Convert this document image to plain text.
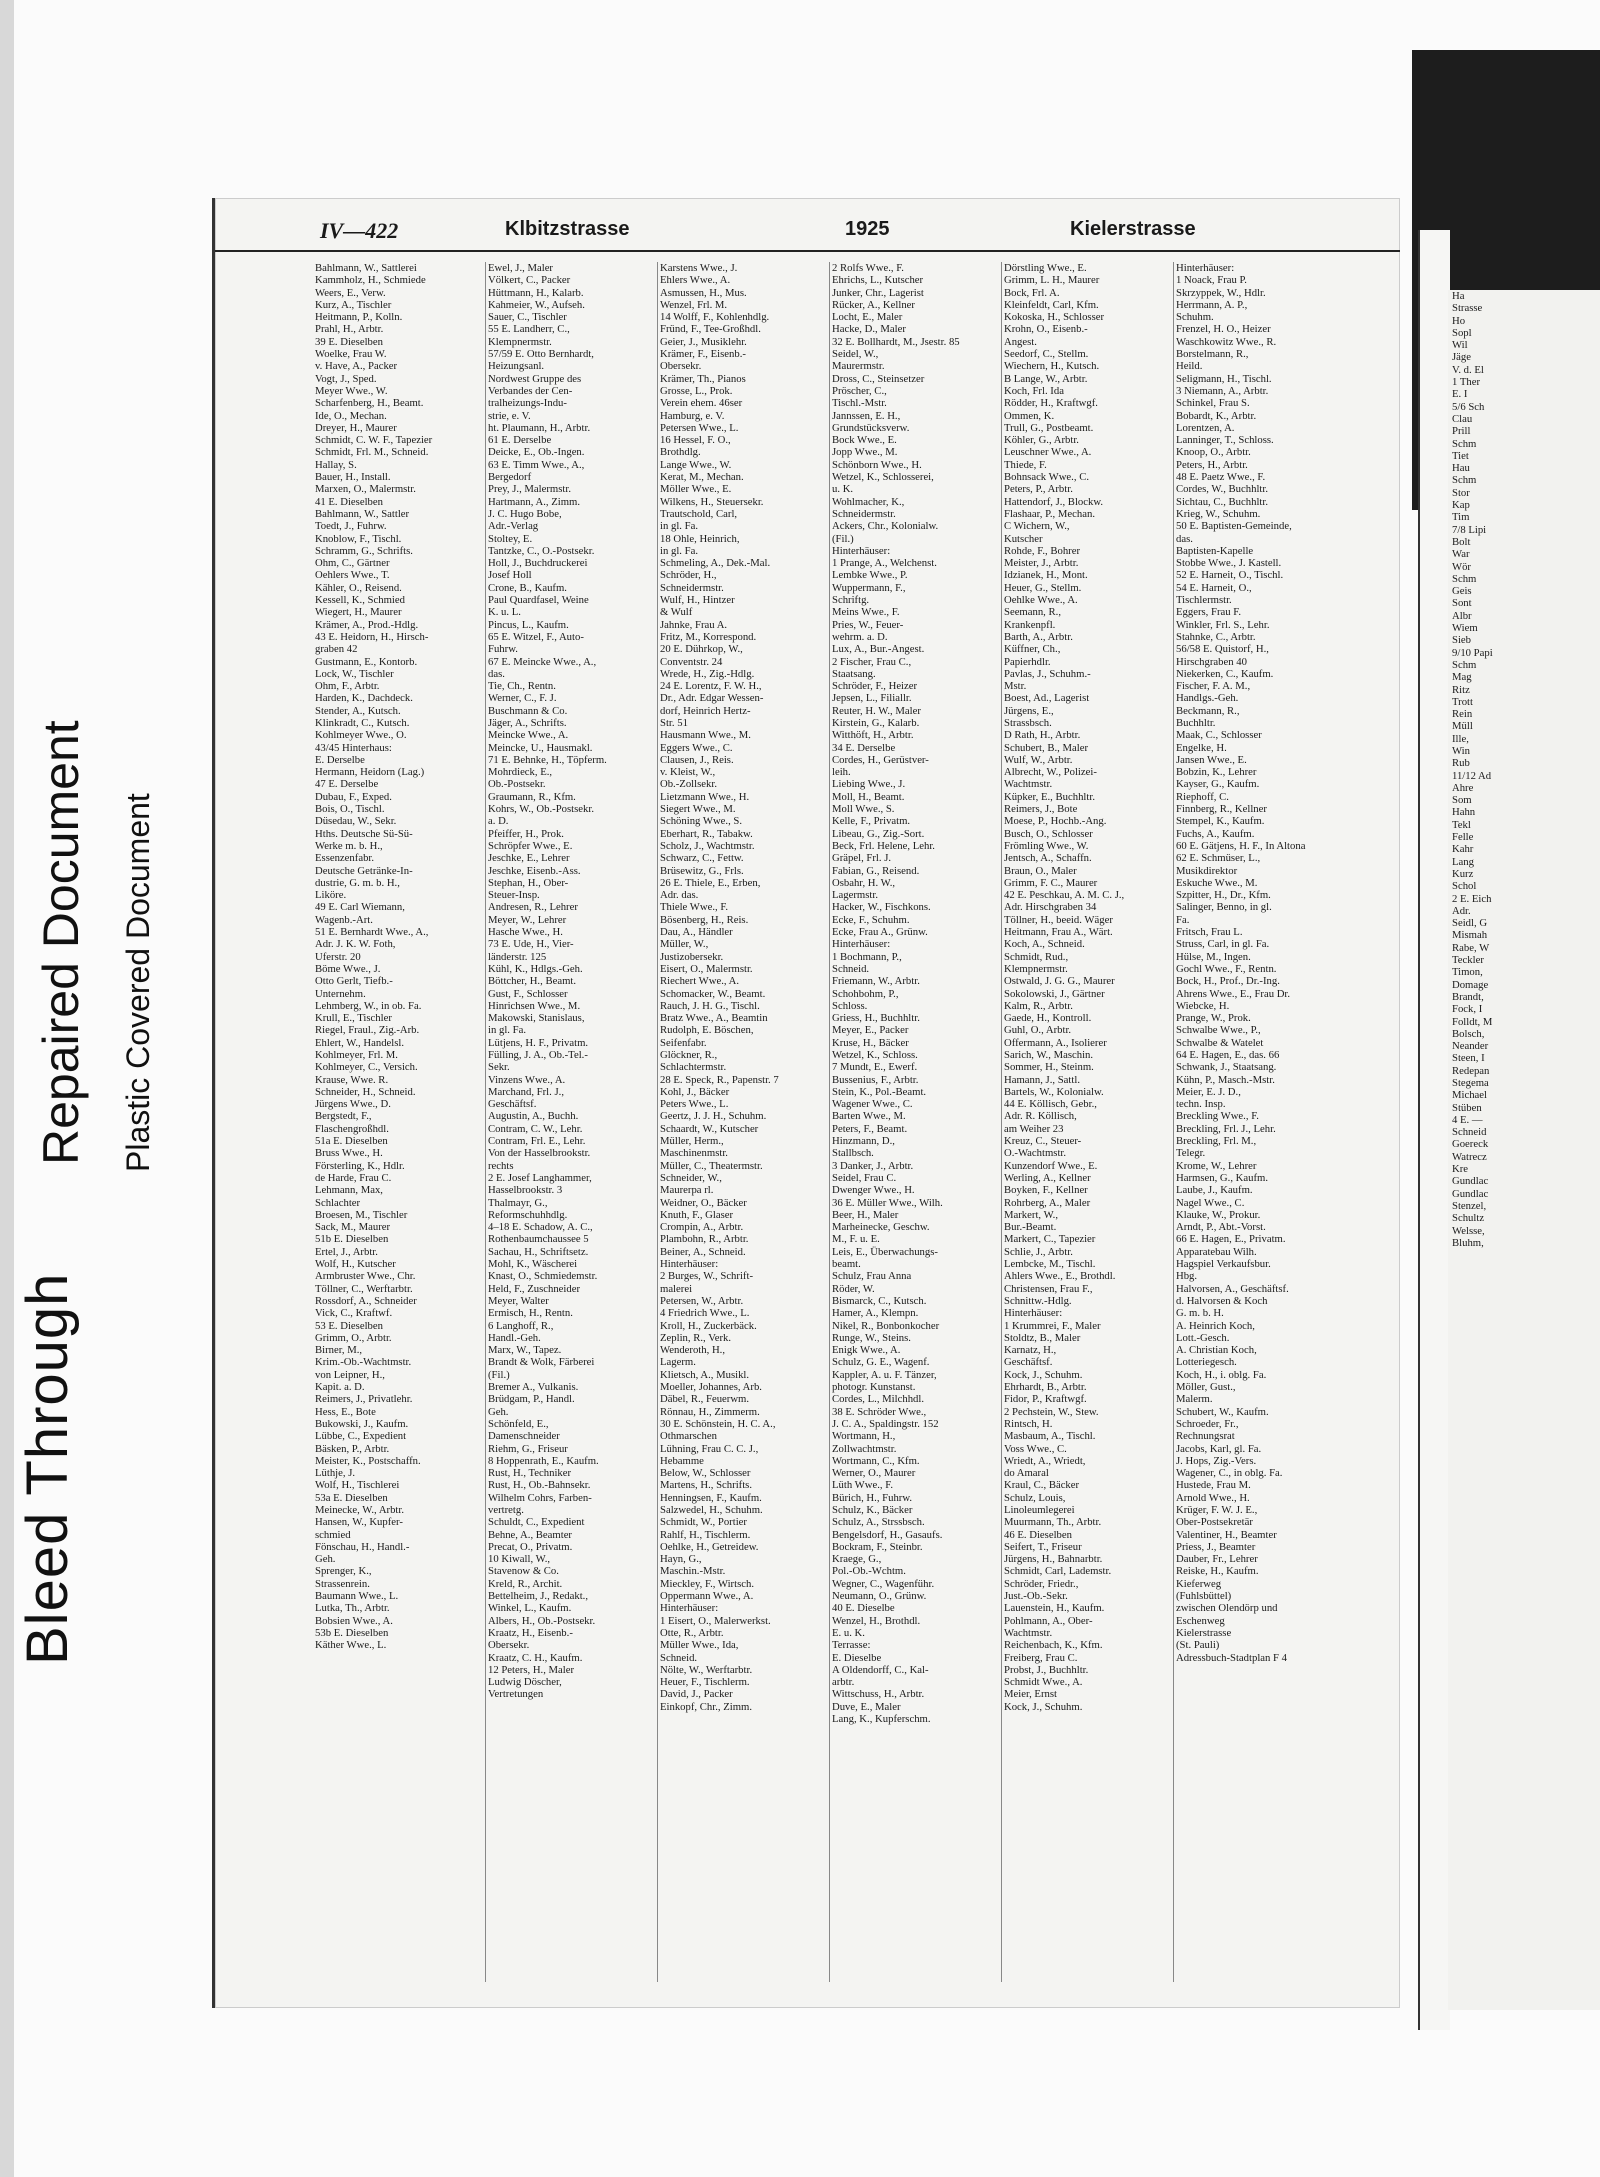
Bleed Through
Repaired Document Plastic Covered Document
IV—422	Klbitzstrasse	1925	Kielerstrasse
Bahlmann, W., Sattlerei
Kammholz, H., Schmiede
Weers, E., Verw.
Kurz, A., Tischler
Heitmann, P., Kolln.
Prahl, H., Arbtr.
39 E. Dieselben
Woelke, Frau W.
v. Have, A., Packer
Vogt, J., Sped.
Meyer Wwe., W.
Scharfenberg, H., Beamt.
Ide, O., Mechan.
Dreyer, H., Maurer
Schmidt, C. W. F., Tapezier
Schmidt, Frl. M., Schneid.
Hallay, S.
Bauer, H., Install.
Marxen, O., Malermstr.
41 E. Dieselben
Bahlmann, W., Sattler
Toedt, J., Fuhrw.
Knoblow, F., Tischl.
Schramm, G., Schrifts.
Ohm, C., Gärtner
Oehlers Wwe., T.
Kähler, O., Reisend.
Kessell, K., Schmied
Wiegert, H., Maurer
Krämer, A., Prod.-Hdlg.
43 E. Heidorn, H., Hirsch-
graben 42
Gustmann, E., Kontorb.
Lock, W., Tischler
Ohm, F., Arbtr.
Harden, K., Dachdeck.
Stender, A., Kutsch.
Klinkradt, C., Kutsch.
Kohlmeyer Wwe., O.
43/45 Hinterhaus:
E. Derselbe
Hermann, Heidorn (Lag.)
47 E. Derselbe
Dubau, F., Exped.
Bois, O., Tischl.
Düsedau, W., Sekr.
Hths. Deutsche Sü-Sü-
Werke m. b. H.,
Essenzenfabr.
Deutsche Getränke-In-
dustrie, G. m. b. H.,
Liköre.
49 E. Carl Wiemann,
Wagenb.-Art.
51 E. Bernhardt Wwe., A.,
Adr. J. K. W. Foth,
Uferstr. 20
Böme Wwe., J.
Otto Gerlt, Tiefb.-
Unternehm.
Lehmberg, W., in ob. Fa.
Krull, E., Tischler
Riegel, Fraul., Zig.-Arb.
Ehlert, W., Handelsl.
Kohlmeyer, Frl. M.
Kohlmeyer, C., Versich.
Krause, Wwe. R.
Schneider, H., Schneid.
Jürgens Wwe., D.
Bergstedt, F.,
Flaschengroßhdl.
51a E. Dieselben
Bruss Wwe., H.
Försterling, K., Hdlr.
de Harde, Frau C.
Lehmann, Max,
Schlachter
Broesen, M., Tischler
Sack, M., Maurer
51b E. Dieselben
Ertel, J., Arbtr.
Wolf, H., Kutscher
Armbruster Wwe., Chr.
Töllner, C., Werftarbtr.
Rossdorf, A., Schneider
Vick, C., Kraftwf.
53 E. Dieselben
Grimm, O., Arbtr.
Birner, M.,
Krim.-Ob.-Wachtmstr.
von Leipner, H.,
Kapit. a. D.
Reimers, J., Privatlehr.
Hess, E., Bote
Bukowski, J., Kaufm.
Lübbe, C., Expedient
Bäsken, P., Arbtr.
Meister, K., Postschaffn.
Lüthje, J.
Wolf, H., Tischlerei
53a E. Dieselben
Meinecke, W., Arbtr.
Hansen, W., Kupfer-
schmied
Fönschau, H., Handl.-
Geh.
Sprenger, K.,
Strassenrein.
Baumann Wwe., L.
Lutka, Th., Arbtr.
Bobsien Wwe., A.
53b E. Dieselben
Käther Wwe., L.
Ewel, J., Maler
Völkert, C., Packer
Hüttmann, H., Kalarb.
Kahmeier, W., Aufseh.
Sauer, C., Tischler
55 E. Landherr, C.,
Klempnermstr.
57/59 E. Otto Bernhardt,
Heizungsanl.
Nordwest Gruppe des
Verbandes der Cen-
tralheizungs-Indu-
strie, e. V.
ht. Plaumann, H., Arbtr.
61 E. Derselbe
Deicke, E., Ob.-Ingen.
63 E. Timm Wwe., A.,
Bergedorf
Prey, J., Malermstr.
Hartmann, A., Zimm.
J. C. Hugo Bobe,
Adr.-Verlag
Stoltey, E.
Tantzke, C., O.-Postsekr.
Holl, J., Buchdruckerei
Josef Holl
Crone, B., Kaufm.
Paul Quardfasel, Weine
K. u. L.
Pincus, L., Kaufm.
65 E. Witzel, F., Auto-
Fuhrw.
67 E. Meincke Wwe., A.,
das.
Tie, Ch., Rentn.
Werner, C., F. J.
Buschmann & Co.
Jäger, A., Schrifts.
Meincke Wwe., A.
Meincke, U., Hausmakl.
71 E. Behnke, H., Töpferm.
Mohrdieck, E.,
Ob.-Postsekr.
Graumann, R., Kfm.
Kohrs, W., Ob.-Postsekr.
a. D.
Pfeiffer, H., Prok.
Schröpfer Wwe., E.
Jeschke, E., Lehrer
Jeschke, Eisenb.-Ass.
Stephan, H., Ober-
Steuer-Insp.
Andresen, R., Lehrer
Meyer, W., Lehrer
Hasche Wwe., H.
73 E. Ude, H., Vier-
länderstr. 125
Kühl, K., Hdlgs.-Geh.
Böttcher, H., Beamt.
Gust, F., Schlosser
Hinrichsen Wwe., M.
Makowski, Stanislaus,
in gl. Fa.
Lütjens, H. F., Privatm.
Fülling, J. A., Ob.-Tel.-
Sekr.
Vinzens Wwe., A.
Marchand, Frl. J.,
Geschäftsf.
Augustin, A., Buchh.
Contram, C. W., Lehr.
Contram, Frl. E., Lehr.
Von der Hasselbrookstr.
rechts
2 E. Josef Langhammer,
Hasselbrookstr. 3
Thalmayr, G.,
Reformschuhhdlg.
4–18 E. Schadow, A. C.,
Rothenbaumchaussee 5
Sachau, H., Schriftsetz.
Mohl, K., Wäscherei
Knast, O., Schmiedemstr.
Held, F., Zuschneider
Meyer, Walter
Ermisch, H., Rentn.
6 Langhoff, R.,
Handl.-Geh.
Marx, W., Tapez.
Brandt & Wolk, Färberei
(Fil.)
Bremer A., Vulkanis.
Brüdgam, P., Handl.
Geh.
Schönfeld, E.,
Damenschneider
Riehm, G., Friseur
8 Hoppenrath, E., Kaufm.
Rust, H., Techniker
Rust, H., Ob.-Bahnsekr.
Wilhelm Cohrs, Farben-
vertretg.
Schuldt, C., Expedient
Behne, A., Beamter
Precat, O., Privatm.
10 Kiwall, W.,
Stavenow & Co.
Kreld, R., Archit.
Bettelheim, J., Redakt.,
Winkel, L., Kaufm.
Albers, H., Ob.-Postsekr.
Kraatz, H., Eisenb.-
Obersekr.
Kraatz, C. H., Kaufm.
12 Peters, H., Maler
Ludwig Döscher,
Vertretungen
Karstens Wwe., J.
Ehlers Wwe., A.
Asmussen, H., Mus.
Wenzel, Frl. M.
14 Wolff, F., Kohlenhdlg.
Fründ, F., Tee-Großhdl.
Geier, J., Musiklehr.
Krämer, F., Eisenb.-
Obersekr.
Krämer, Th., Pianos
Grosse, L., Prok.
Verein ehem. 46ser
Hamburg, e. V.
Petersen Wwe., L.
16 Hessel, F. O.,
Brothdlg.
Lange Wwe., W.
Kerat, M., Mechan.
Möller Wwe., E.
Wilkens, H., Steuersekr.
Trautschold, Carl,
in gl. Fa.
18 Ohle, Heinrich,
in gl. Fa.
Schmeling, A., Dek.-Mal.
Schröder, H.,
Schneidermstr.
Wulf, H., Hintzer
& Wulf
Jahnke, Frau A.
Fritz, M., Korrespond.
20 E. Dührkop, W.,
Conventstr. 24
Wrede, H., Zig.-Hdlg.
24 E. Lorentz, F. W. H.,
Dr., Adr. Edgar Wessen-
dorf, Heinrich Hertz-
Str. 51
Hausmann Wwe., M.
Eggers Wwe., C.
Clausen, J., Reis.
v. Kleist, W.,
Ob.-Zollsekr.
Lietzmann Wwe., H.
Siegert Wwe., M.
Schöning Wwe., S.
Eberhart, R., Tabakw.
Scholz, J., Wachtmstr.
Schwarz, C., Fettw.
Brüsewitz, G., Frls.
26 E. Thiele, E., Erben,
Adr. das.
Thiele Wwe., F.
Bösenberg, H., Reis.
Dau, A., Händler
Müller, W.,
Justizobersekr.
Eisert, O., Malermstr.
Riechert Wwe., A.
Schomacker, W., Beamt.
Rauch, J. H. G., Tischl.
Bratz Wwe., A., Beamtin
Rudolph, E. Böschen,
Seifenfabr.
Glöckner, R.,
Schlachtermstr.
28 E. Speck, R., Papenstr. 7
Kohl, J., Bäcker
Peters Wwe., L.
Geertz, J. J. H., Schuhm.
Schaardt, W., Kutscher
Müller, Herm.,
Maschinenmstr.
Müller, C., Theatermstr.
Schneider, W.,
Maurerpa rl.
Weidner, O., Bäcker
Knuth, F., Glaser
Crompin, A., Arbtr.
Plambohn, R., Arbtr.
Beiner, A., Schneid.
Hinterhäuser:
2 Burges, W., Schrift-
malerei
Petersen, W., Arbtr.
4 Friedrich Wwe., L.
Kroll, H., Zuckerbäck.
Zeplin, R., Verk.
Wenderoth, H.,
Lagerm.
Klietsch, A., Musikl.
Moeller, Johannes, Arb.
Däbel, R., Feuerwm.
Rönnau, H., Zimmerm.
30 E. Schönstein, H. C. A.,
Othmarschen
Lühning, Frau C. C. J.,
Hebamme
Below, W., Schlosser
Martens, H., Schrifts.
Henningsen, F., Kaufm.
Salzwedel, H., Schuhm.
Schmidt, W., Portier
Rahlf, H., Tischlerm.
Oehlke, H., Getreidew.
Hayn, G.,
Maschin.-Mstr.
Mieckley, F., Wirtsch.
Oppermann Wwe., A.
Hinterhäuser:
1 Eisert, O., Malerwerkst.
Otte, R., Arbtr.
Müller Wwe., Ida,
Schneid.
Nölte, W., Werftarbtr.
Heuer, F., Tischlerm.
David, J., Packer
Einkopf, Chr., Zimm.
2 Rolfs Wwe., F.
Ehrichs, L., Kutscher
Junker, Chr., Lagerist
Rücker, A., Kellner
Locht, E., Maler
Hacke, D., Maler
32 E. Bollhardt, M., Jsestr. 85
Seidel, W.,
Maurermstr.
Dross, C., Steinsetzer
Pröscher, C.,
Tischl.-Mstr.
Jannssen, E. H.,
Grundstücksverw.
Bock Wwe., E.
Jopp Wwe., M.
Schönborn Wwe., H.
Wetzel, K., Schlosserei,
u. K.
Wohlmacher, K.,
Schneidermstr.
Ackers, Chr., Kolonialw.
(Fil.)
Hinterhäuser:
1 Prange, A., Welchenst.
Lembke Wwe., P.
Wuppermann, F.,
Schriftg.
Meins Wwe., F.
Pries, W., Feuer-
wehrm. a. D.
Lux, A., Bur.-Angest.
2 Fischer, Frau C.,
Staatsang.
Schröder, F., Heizer
Jepsen, L., Filiallr.
Reuter, H. W., Maler
Kirstein, G., Kalarb.
Witthöft, H., Arbtr.
34 E. Derselbe
Cordes, H., Gerüstver-
leih.
Liebing Wwe., J.
Moll, H., Beamt.
Moll Wwe., S.
Kelle, F., Privatm.
Libeau, G., Zig.-Sort.
Beck, Frl. Helene, Lehr.
Gräpel, Frl. J.
Fabian, G., Reisend.
Osbahr, H. W.,
Lagermstr.
Hacker, W., Fischkons.
Ecke, F., Schuhm.
Ecke, Frau A., Grünw.
Hinterhäuser:
1 Bochmann, P.,
Schneid.
Friemann, W., Arbtr.
Schohbohm, P.,
Schloss.
Griess, H., Buchhltr.
Meyer, E., Packer
Kruse, H., Bäcker
Wetzel, K., Schloss.
7 Mundt, E., Ewerf.
Bussenius, F., Arbtr.
Stein, K., Pol.-Beamt.
Wagener Wwe., C.
Barten Wwe., M.
Peters, F., Beamt.
Hinzmann, D.,
Stallbsch.
3 Danker, J., Arbtr.
Seidel, Frau C.
Dwenger Wwe., H.
36 E. Müller Wwe., Wilh.
Beer, H., Maler
Marheinecke, Geschw.
M., F. u. E.
Leis, E., Überwachungs-
beamt.
Schulz, Frau Anna
Röder, W.
Bismarck, C., Kutsch.
Hamer, A., Klempn.
Nikel, R., Bonbonkocher
Runge, W., Steins.
Enigk Wwe., A.
Schulz, G. E., Wagenf.
Kappler, A. u. F. Tänzer,
photogr. Kunstanst.
Cordes, L., Milchhdl.
38 E. Schröder Wwe.,
J. C. A., Spaldingstr. 152
Wortmann, H.,
Zollwachtmstr.
Wortmann, C., Kfm.
Werner, O., Maurer
Lüth Wwe., F.
Bürich, H., Fuhrw.
Schulz, K., Bäcker
Schulz, A., Strssbsch.
Bengelsdorf, H., Gasaufs.
Bockram, F., Steinbr.
Kraege, G.,
Pol.-Ob.-Wchtm.
Wegner, C., Wagenführ.
Neumann, O., Grünw.
40 E. Dieselbe
Wenzel, H., Brothdl.
E. u. K.
Terrasse:
E. Dieselbe
A Oldendorff, C., Kal-
arbtr.
Wittschuss, H., Arbtr.
Duve, E., Maler
Lang, K., Kupferschm.
Dörstling Wwe., E.
Grimm, L. H., Maurer
Bock, Frl. A.
Kleinfeldt, Carl, Kfm.
Kokoska, H., Schlosser
Krohn, O., Eisenb.-
Angest.
Seedorf, C., Stellm.
Wiechern, H., Kutsch.
B Lange, W., Arbtr.
Koch, Frl. Ida
Rödder, H., Kraftwgf.
Ommen, K.
Trull, G., Postbeamt.
Köhler, G., Arbtr.
Leuschner Wwe., A.
Thiede, F.
Bohnsack Wwe., C.
Peters, P., Arbtr.
Hattendorf, J., Blockw.
Flashaar, P., Mechan.
C Wichern, W.,
Kutscher
Rohde, F., Bohrer
Meister, J., Arbtr.
Idzianek, H., Mont.
Heuer, G., Stellm.
Oehlke Wwe., A.
Seemann, R.,
Krankenpfl.
Barth, A., Arbtr.
Küffner, Ch.,
Papierhdlr.
Pavlas, J., Schuhm.-
Mstr.
Boest, Ad., Lagerist
Jürgens, E.,
Strassbsch.
D Rath, H., Arbtr.
Schubert, B., Maler
Wulf, W., Arbtr.
Albrecht, W., Polizei-
Wachtmstr.
Küpker, E., Buchhltr.
Reimers, J., Bote
Moese, P., Hochb.-Ang.
Busch, O., Schlosser
Frömling Wwe., W.
Jentsch, A., Schaffn.
Braun, O., Maler
Grimm, F. C., Maurer
42 E. Peschkau, A. M. C. J.,
Adr. Hirschgraben 34
Töllner, H., beeid. Wäger
Heitmann, Frau A., Wärt.
Koch, A., Schneid.
Schmidt, Rud.,
Klempnermstr.
Ostwald, J. G. G., Maurer
Sokolowski, J., Gärtner
Kalm, R., Arbtr.
Gaede, H., Kontroll.
Guhl, O., Arbtr.
Offermann, A., Isolierer
Sarich, W., Maschin.
Sommer, H., Steinm.
Hamann, J., Sattl.
Bartels, W., Kolonialw.
44 E. Köllisch, Gebr.,
Adr. R. Köllisch,
am Weiher 23
Kreuz, C., Steuer-
O.-Wachtmstr.
Kunzendorf Wwe., E.
Werling, A., Kellner
Boyken, F., Kellner
Rohrberg, A., Maler
Markert, W.,
Bur.-Beamt.
Markert, C., Tapezier
Schlie, J., Arbtr.
Lembcke, M., Tischl.
Ahlers Wwe., E., Brothdl.
Christensen, Frau F.,
Schnittw.-Hdlg.
Hinterhäuser:
1 Krummrei, F., Maler
Stoldtz, B., Maler
Karnatz, H.,
Geschäftsf.
Kock, J., Schuhm.
Ehrhardt, B., Arbtr.
Fidor, P., Kraftwgf.
2 Pechstein, W., Stew.
Rintsch, H.
Masbaum, A., Tischl.
Voss Wwe., C.
Wriedt, A., Wriedt,
do Amaral
Kraul, C., Bäcker
Schulz, Louis,
Linoleumlegerei
Muurmann, Th., Arbtr.
46 E. Dieselben
Seifert, T., Friseur
Jürgens, H., Bahnarbtr.
Schmidt, Carl, Lademstr.
Schröder, Friedr.,
Just.-Ob.-Sekr.
Lauenstein, H., Kaufm.
Pohlmann, A., Ober-
Wachtmstr.
Reichenbach, K., Kfm.
Freiberg, Frau C.
Probst, J., Buchhltr.
Schmidt Wwe., A.
Meier, Ernst
Kock, J., Schuhm.
Hinterhäuser:
1 Noack, Frau P.
Skrzyppek, W., Hdlr.
Herrmann, A. P.,
Schuhm.
Frenzel, H. O., Heizer
Waschkowitz Wwe., R.
Borstelmann, R.,
Heild.
Seligmann, H., Tischl.
3 Niemann, A., Arbtr.
Schinkel, Frau S.
Bobardt, K., Arbtr.
Lorentzen, A.
Lanninger, T., Schloss.
Knoop, O., Arbtr.
Peters, H., Arbtr.
48 E. Paetz Wwe., F.
Cordes, W., Buchhltr.
Sichtau, C., Buchhltr.
Krieg, W., Schuhm.
50 E. Baptisten-Gemeinde,
das.
Baptisten-Kapelle
Stobbe Wwe., J. Kastell.
52 E. Harneit, O., Tischl.
54 E. Harneit, O.,
Tischlermstr.
Eggers, Frau F.
Winkler, Frl. S., Lehr.
Stahnke, C., Arbtr.
56/58 E. Quistorf, H.,
Hirschgraben 40
Niekerken, C., Kaufm.
Fischer, F. A. M.,
Handlgs.-Geh.
Beckmann, R.,
Buchhltr.
Maak, C., Schlosser
Engelke, H.
Jansen Wwe., E.
Bobzin, K., Lehrer
Kayser, G., Kaufm.
Riephoff, C.
Finnberg, R., Kellner
Stempel, K., Kaufm.
Fuchs, A., Kaufm.
60 E. Gätjens, H. F., In Altona
62 E. Schmüser, L.,
Musikdirektor
Eskuche Wwe., M.
Szpitter, H., Dr., Kfm.
Salinger, Benno, in gl.
Fa.
Fritsch, Frau L.
Struss, Carl, in gl. Fa.
Hülse, M., Ingen.
Gochl Wwe., F., Rentn.
Bock, H., Prof., Dr.-Ing.
Ahrens Wwe., E., Frau Dr.
Wiebcke, H.
Prange, W., Prok.
Schwalbe Wwe., P.,
Schwalbe & Watelet
64 E. Hagen, E., das. 66
Schwank, J., Staatsang.
Kühn, P., Masch.-Mstr.
Meier, E. J. D.,
techn. Insp.
Breckling Wwe., F.
Breckling, Frl. J., Lehr.
Breckling, Frl. M.,
Telegr.
Krome, W., Lehrer
Harmsen, G., Kaufm.
Laube, J., Kaufm.
Nagel Wwe., C.
Klauke, W., Prokur.
Arndt, P., Abt.-Vorst.
66 E. Hagen, E., Privatm.
Apparatebau Wilh.
Hagspiel Verkaufsbur.
Hbg.
Halvorsen, A., Geschäftsf.
d. Halvorsen & Koch
G. m. b. H.
A. Heinrich Koch,
Lott.-Gesch.
A. Christian Koch,
Lotteriegesch.
Koch, H., i. oblg. Fa.
Möller, Gust.,
Malerm.
Schubert, W., Kaufm.
Schroeder, Fr.,
Rechnungsrat
Jacobs, Karl, gl. Fa.
J. Hops, Zig.-Vers.
Wagener, C., in oblg. Fa.
Hustede, Frau M.
Arnold Wwe., H.
Krüger, F. W. J. E.,
Ober-Postsekretär
Valentiner, H., Beamter
Priess, J., Beamter
Dauber, Fr., Lehrer
Reiske, H., Kaufm.
Kieferweg
(Fuhlsbüttel)
zwischen Olendörp und
Eschenweg
Kielerstrasse
(St. Pauli)
Adressbuch-Stadtplan F 4
Ha
Strasse
Ho
Sopl
Wil
Jäge
V. d. El
1 Ther
E. I
5/6 Sch
Clau
Prill
Schm
Tiet
Hau
Schm
Stor
Kap
Tim
7/8 Lipi
Bolt
War
Wör
Schm
Geis
Sont
Albr
Wiem
Sieb
9/10 Papi
Schm
Mag
Ritz
Trott
Rein
Müll
Ille,
Win
Rub
11/12 Ad
Ahre
Som
Hahn
Tekl
Felle
Kahr
Lang
Kurz
Schol
2 E. Eich
Adr.
Seidl, G
Mismah
Rabe, W
Teckler
Timon,
Domage
Brandt,
Fock, I
Folldt, M
Bolsch,
Neander
Steen, I
Redepan
Stegema
Michael
Stüben
4 E. —
Schneid
Goereck
Watrecz
Kre
Gundlac
Gundlac
Stenzel,
Schultz
Welsse,
Bluhm,
